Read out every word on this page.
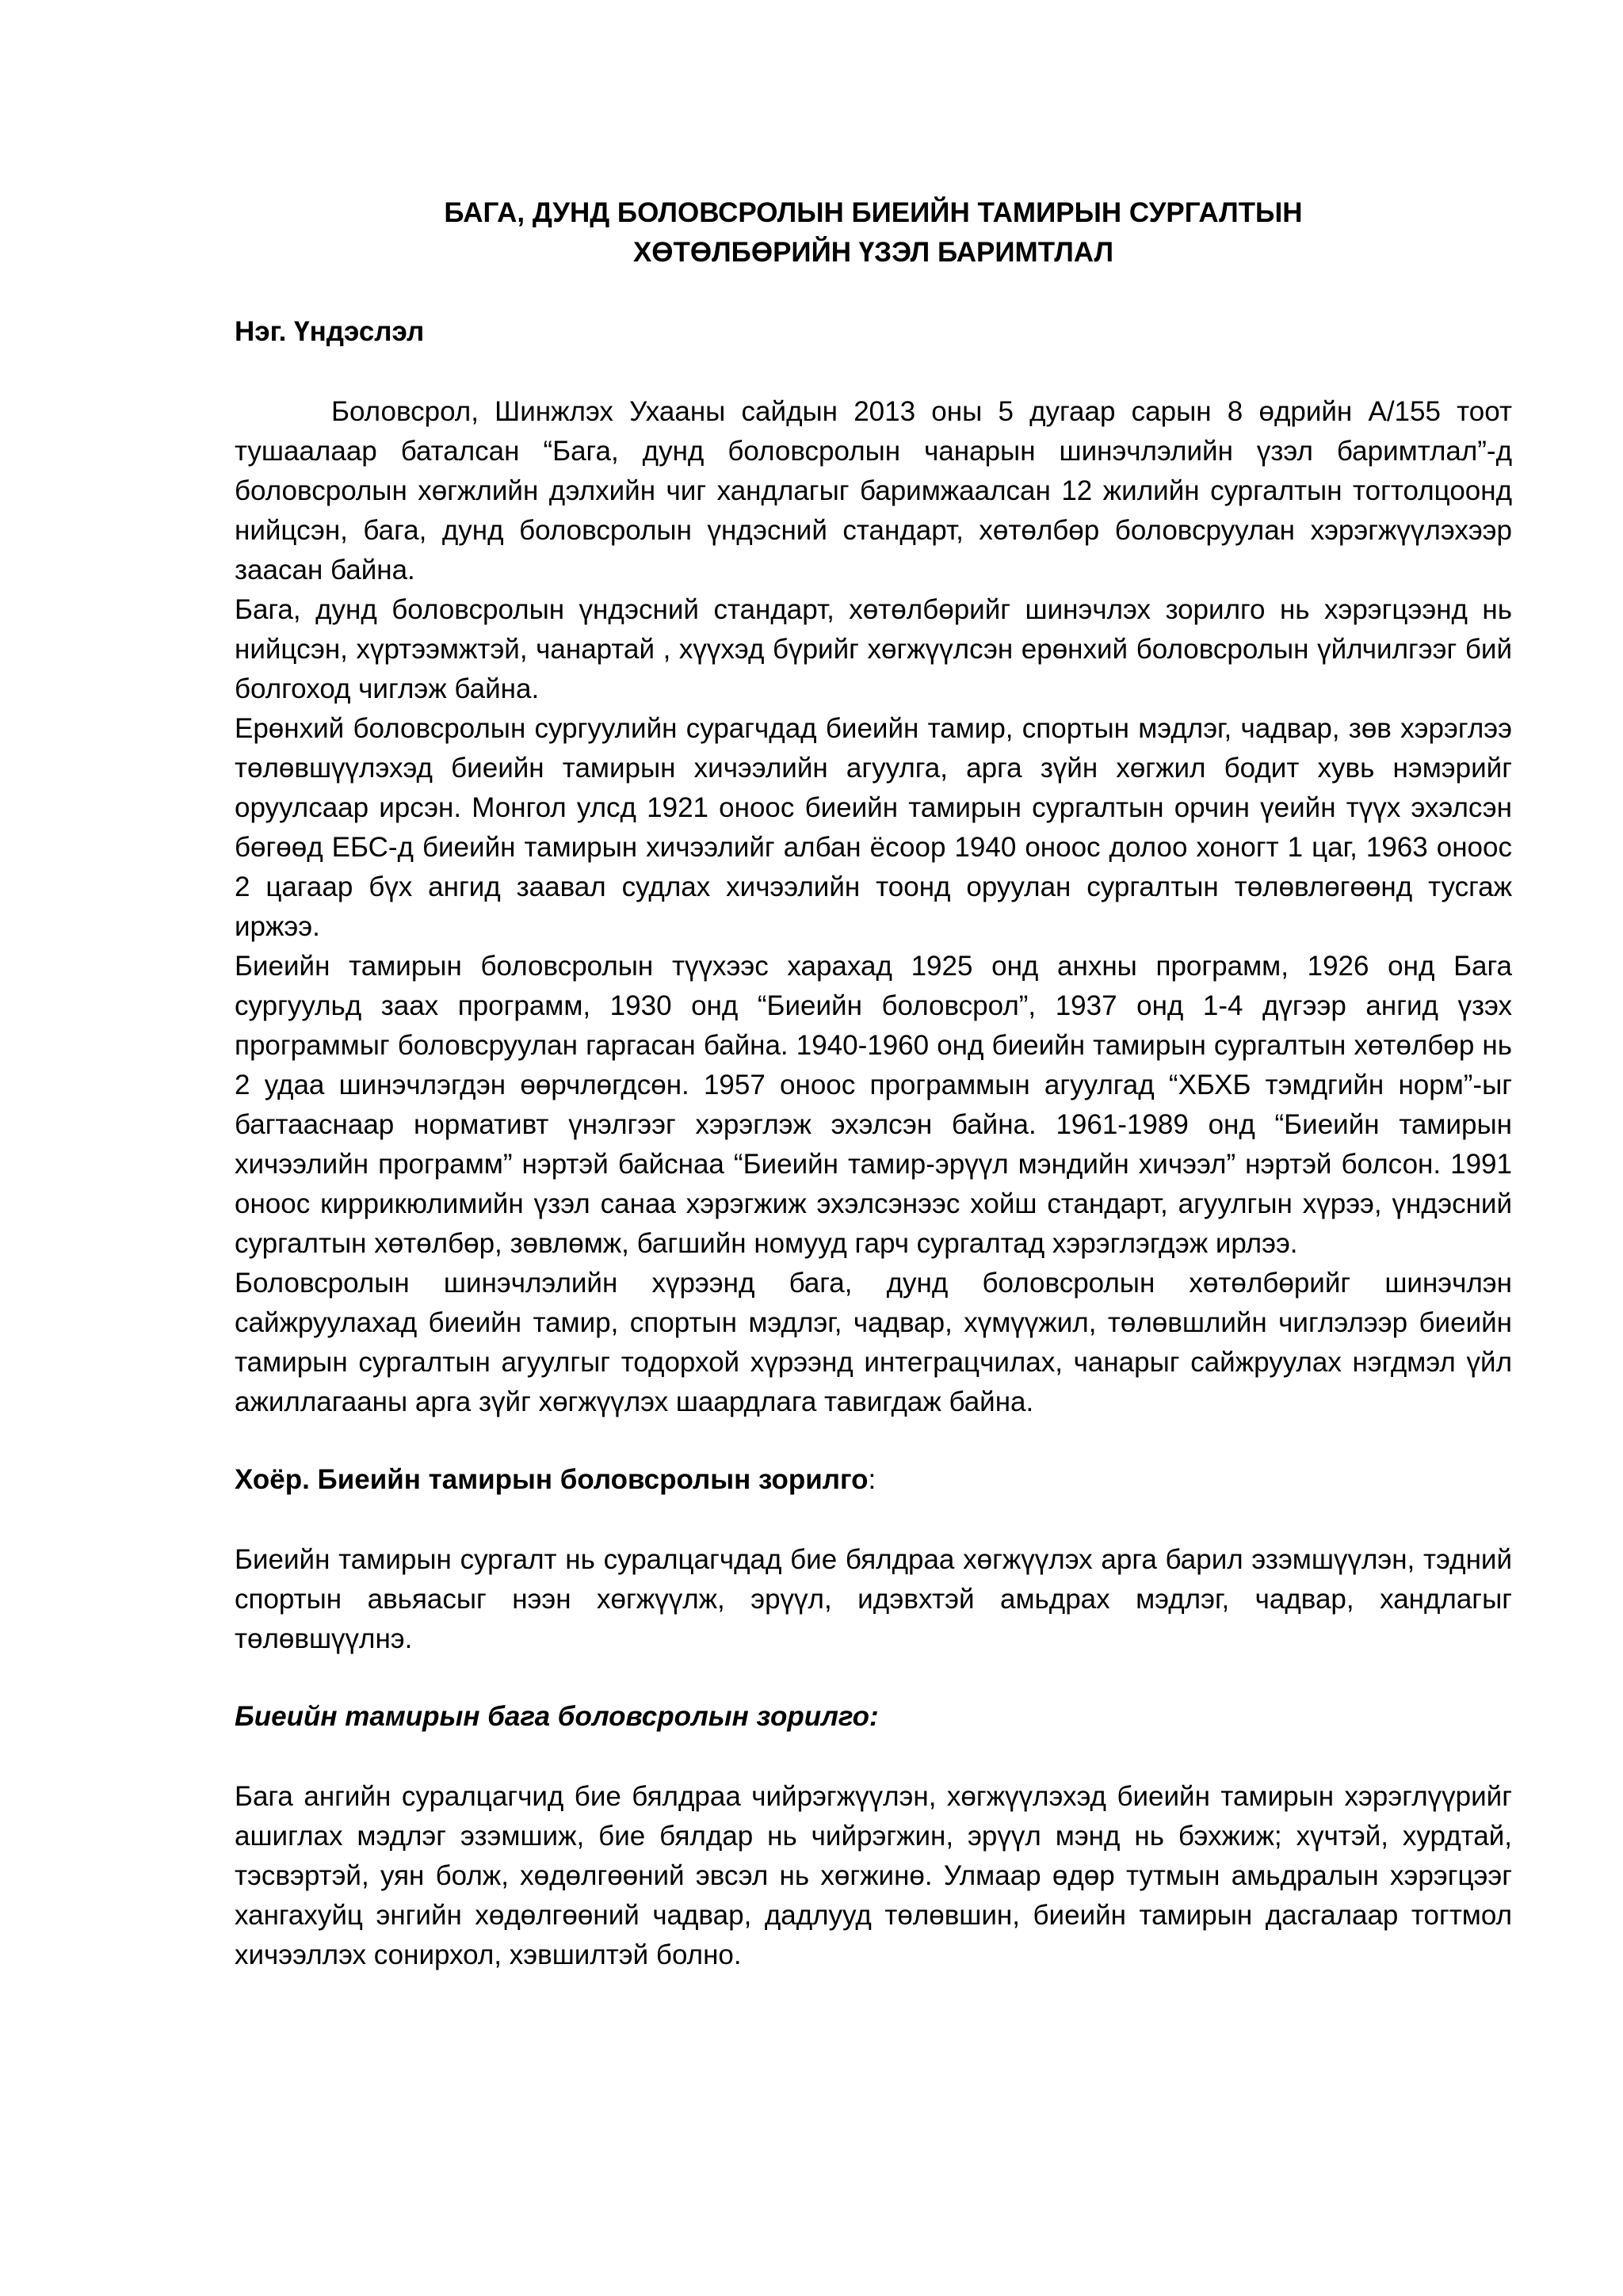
БАГА, ДУНД БОЛОВСРОЛЫН БИЕИЙН ТАМИРЫН СУРГАЛТЫН
ХӨТӨЛБӨРИЙН ҮЗЭЛ БАРИМТЛАЛ
Нэг. Үндэслэл

Боловсрол, Шинжлэх Ухааны сайдын 2013 оны 5 дугаар сарын 8 өдрийн А/155 тоот тушаалаар баталсан “Бага, дунд боловсролын чанарын шинэчлэлийн үзэл баримтлал”-д боловсролын хөгжлийн дэлхийн чиг хандлагыг баримжаалсан 12 жилийн сургалтын тогтолцоонд нийцсэн, бага, дунд боловсролын үндэсний стандарт, хөтөлбөр боловсруулан хэрэгжүүлэхээр заасан байна.

Бага, дунд боловсролын үндэсний стандарт, хөтөлбөрийг шинэчлэх зорилго нь хэрэгцээнд нь нийцсэн, хүртээмжтэй, чанартай , хүүхэд бүрийг хөгжүүлсэн ерөнхий боловсролын үйлчилгээг бий болгоход чиглэж байна.

Ерөнхий боловсролын сургуулийн сурагчдад биеийн тамир, спортын мэдлэг, чадвар, зөв хэрэглээ төлөвшүүлэхэд биеийн тамирын хичээлийн агуулга, арга зүйн хөгжил бодит хувь нэмэрийг оруулсаар ирсэн. Монгол улсд 1921 оноос биеийн тамирын сургалтын орчин үеийн түүх эхэлсэн бөгөөд ЕБС-д биеийн тамирын хичээлийг албан ёсоор 1940 оноос долоо хоногт 1 цаг, 1963 оноос 2 цагаар бүх ангид заавал судлах хичээлийн тоонд оруулан сургалтын төлөвлөгөөнд тусгаж иржээ.

Биеийн тамирын боловсролын түүхээс харахад 1925 онд анхны программ, 1926 онд Бага сургуульд заах программ, 1930 онд “Биеийн боловсрол”, 1937 онд 1-4 дүгээр ангид үзэх программыг боловсруулан гаргасан байна. 1940-1960 онд биеийн тамирын сургалтын хөтөлбөр нь 2 удаа шинэчлэгдэн өөрчлөгдсөн. 1957 оноос программын агуулгад “ХБХБ тэмдгийн норм”-ыг багтааснаар нормативт үнэлгээг хэрэглэж эхэлсэн байна. 1961-1989 онд “Биеийн тамирын хичээлийн программ” нэртэй байснаа “Биеийн тамир-эрүүл мэндийн хичээл” нэртэй болсон. 1991 оноос киррикюлимийн үзэл санаа хэрэгжиж эхэлсэнээс хойш стандарт, агуулгын хүрээ, үндэсний сургалтын хөтөлбөр, зөвлөмж, багшийн номууд гарч сургалтад хэрэглэгдэж ирлээ.

Боловсролын шинэчлэлийн хүрээнд бага, дунд боловсролын хөтөлбөрийг шинэчлэн сайжруулахад биеийн тамир, спортын мэдлэг, чадвар, хүмүүжил, төлөвшлийн чиглэлээр биеийн тамирын сургалтын агуулгыг тодорхой хүрээнд интеграцчилах, чанарыг сайжруулах нэгдмэл үйл ажиллагааны арга зүйг хөгжүүлэх шаардлага тавигдаж байна.

Хоёр. Биеийн тамирын боловсролын зорилго:

Биеийн тамирын сургалт нь суралцагчдад бие бялдраа хөгжүүлэх арга барил эзэмшүүлэн, тэдний спортын авьяасыг нээн хөгжүүлж, эрүүл, идэвхтэй амьдрах мэдлэг, чадвар, хандлагыг төлөвшүүлнэ.

Биеийн тамирын бага боловсролын зорилго:

Бага ангийн суралцагчид бие бялдраа чийрэгжүүлэн, хөгжүүлэхэд биеийн тамирын хэрэглүүрийг ашиглах мэдлэг эзэмшиж, бие бялдар нь чийрэгжин, эрүүл мэнд нь бэхжиж; хүчтэй, хурдтай, тэсвэртэй, уян болж, хөдөлгөөний эвсэл нь хөгжинө. Улмаар өдөр тутмын амьдралын хэрэгцээг хангахуйц энгийн хөдөлгөөний чадвар, дадлууд төлөвшин, биеийн тамирын дасгалаар тогтмол хичээллэх сонирхол, хэвшилтэй болно.
